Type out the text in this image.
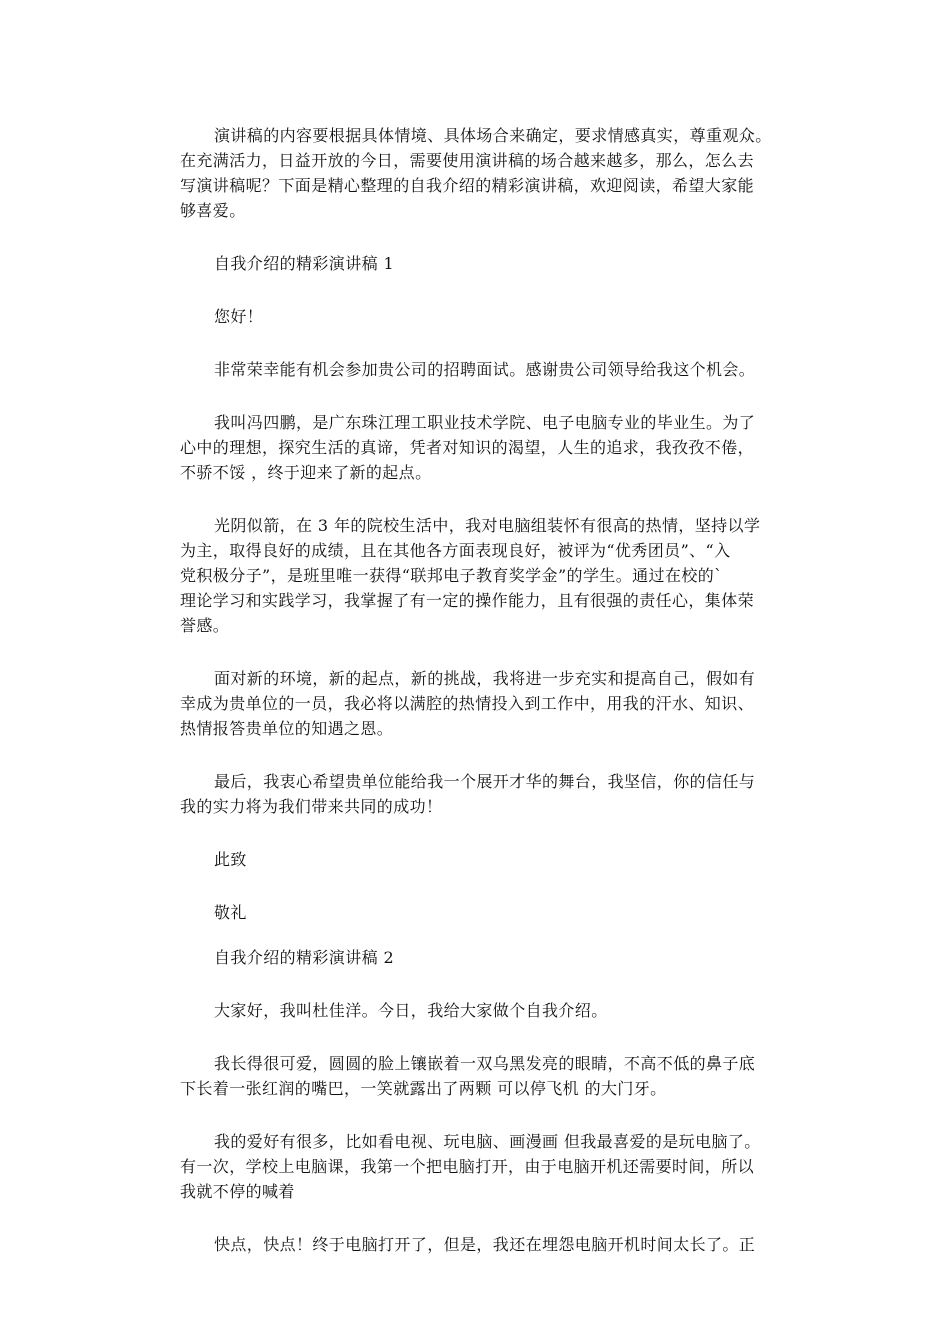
演讲稿的内容要根据具体情境、具体场合来确定，要求情感真实，尊重观众。
在充满活力，日益开放的今日，需要使用演讲稿的场合越来越多，那么，怎么去
写演讲稿呢？下面是精心整理的自我介绍的精彩演讲稿，欢迎阅读，希望大家能
够喜爱。
自我介绍的精彩演讲稿 1
您好！
非常荣幸能有机会参加贵公司的招聘面试。感谢贵公司领导给我这个机会。
我叫冯四鹏，是广东珠江理工职业技术学院、电子电脑专业的毕业生。为了
心中的理想，探究生活的真谛，凭者对知识的渴望，人生的追求，我孜孜不倦，
不骄不馁 ，终于迎来了新的起点。
光阴似箭，在 3 年的院校生活中，我对电脑组装怀有很高的热情，坚持以学
为主，取得良好的成绩，且在其他各方面表现良好，被评为“优秀团员”、“入
党积极分子”，是班里唯一获得“联邦电子教育奖学金”的学生。通过在校的`
理论学习和实践学习，我掌握了有一定的操作能力，且有很强的责任心，集体荣
誉感。
面对新的环境，新的起点，新的挑战，我将进一步充实和提高自己，假如有
幸成为贵单位的一员，我必将以满腔的热情投入到工作中，用我的汗水、知识、
热情报答贵单位的知遇之恩。
最后，我衷心希望贵单位能给我一个展开才华的舞台，我坚信，你的信任与
我的实力将为我们带来共同的成功！
此致
敬礼
自我介绍的精彩演讲稿 2
大家好，我叫杜佳洋。今日，我给大家做个自我介绍。
我长得很可爱，圆圆的脸上镶嵌着一双乌黑发亮的眼睛，不高不低的鼻子底
下长着一张红润的嘴巴，一笑就露出了两颗 可以停飞机 的大门牙。
我的爱好有很多，比如看电视、玩电脑、画漫画 但我最喜爱的是玩电脑了。
有一次，学校上电脑课，我第一个把电脑打开，由于电脑开机还需要时间，所以
我就不停的喊着
快点，快点！终于电脑打开了，但是，我还在埋怨电脑开机时间太长了。正
